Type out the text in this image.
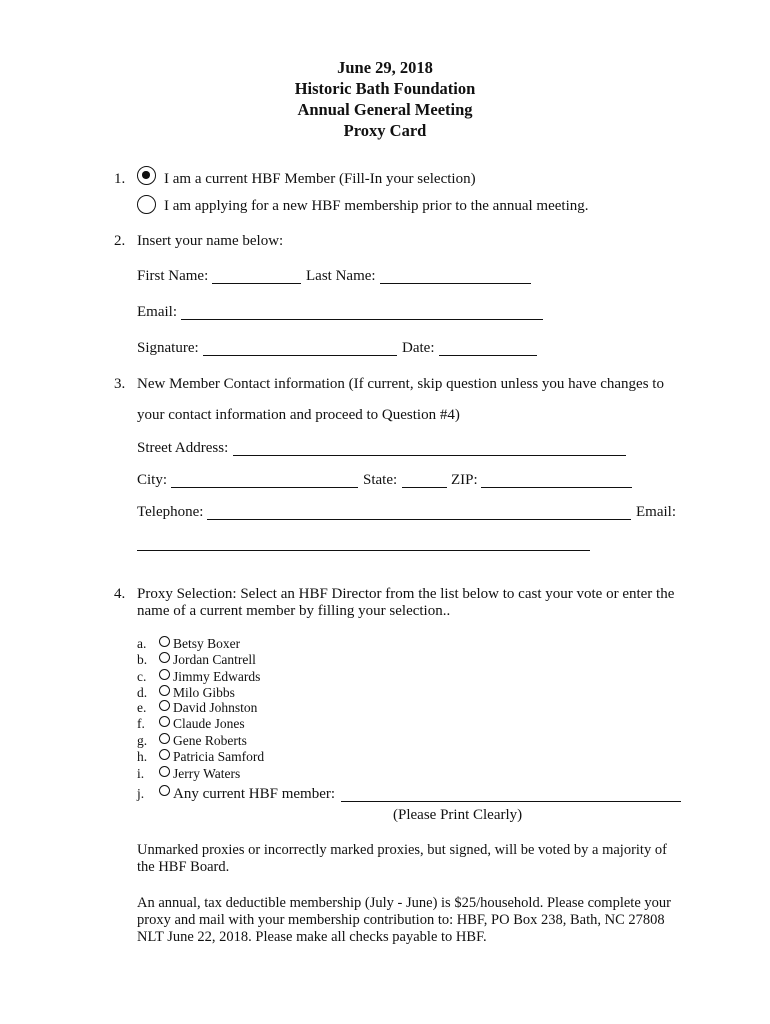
June 29, 2018
Historic Bath Foundation
Annual General Meeting
Proxy Card
1.	I am a current HBF Member (Fill-In your selection)
I am applying for a new HBF membership prior to the annual meeting.
2. Insert your name below:
First Name:	Last Name:
Email:
Signature:	Date:
3. New Member Contact information (If current, skip question unless you have changes to
your contact information and proceed to Question #4)
Street Address:
City:	State:	ZIP:
Telephone:	Email:
4. Proxy Selection: Select an HBF Director from the list below to cast your vote or enter the
name of a current member by filling your selection..
a. Betsy Boxer
b. Jordan Cantrell
c. Jimmy Edwards
d. Milo Gibbs
e. David Johnston
f. Claude Jones
g. Gene Roberts
h. Patricia Samford
i. Jerry Waters
j. Any current HBF member:
(Please Print Clearly)
Unmarked proxies or incorrectly marked proxies, but signed, will be voted by a majority of the HBF Board.
An annual, tax deductible membership (July - June) is $25/household. Please complete your proxy and mail with your membership contribution to: HBF, PO Box 238, Bath, NC 27808 NLT June 22, 2018. Please make all checks payable to HBF.
